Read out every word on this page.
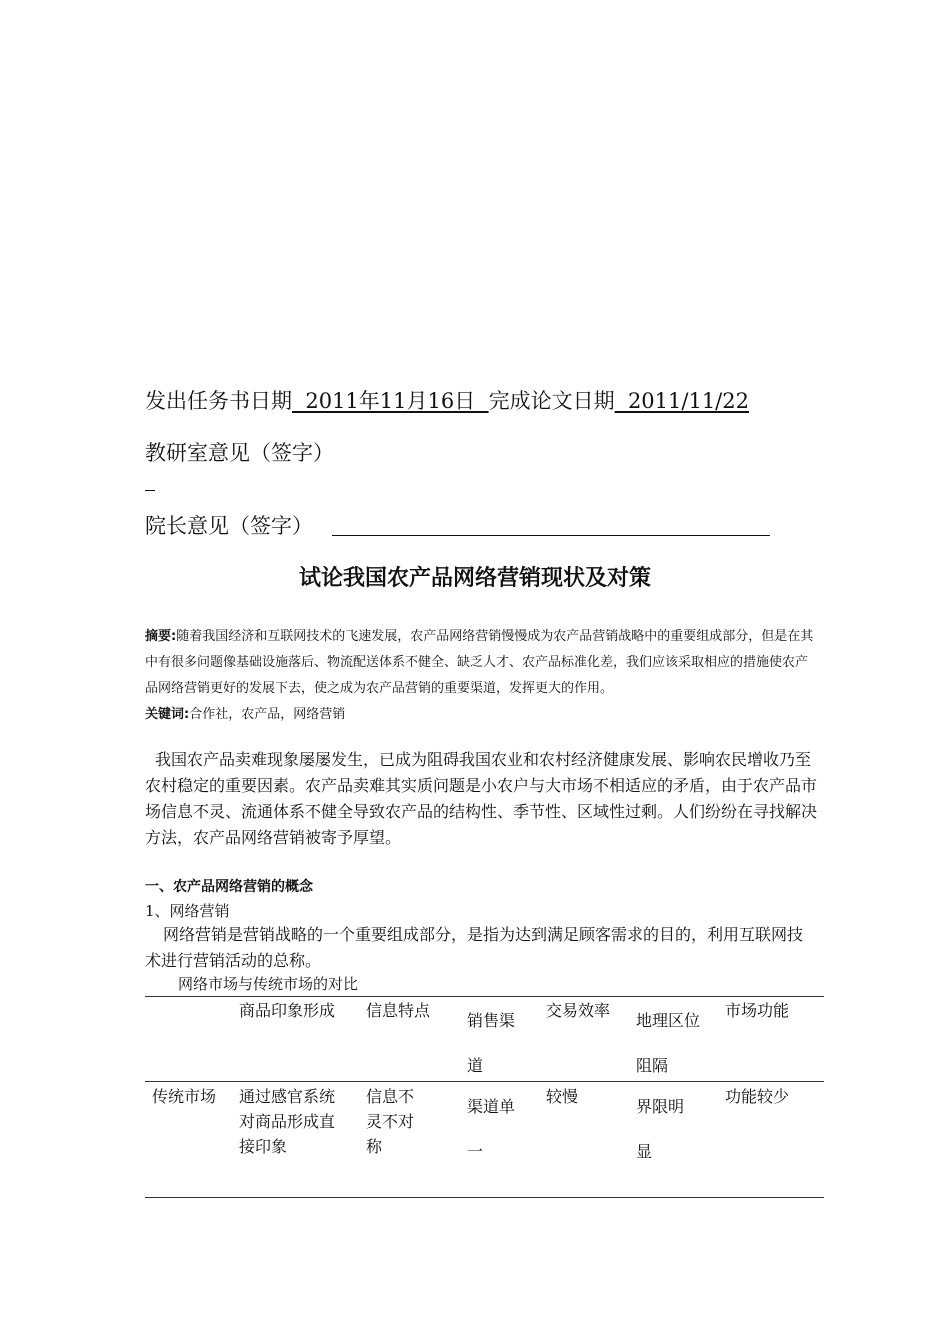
发出任务书日期  2011年11月16日  完成论文日期  2011/11/22
教研室意见（签字）
院长意见（签字）
试论我国农产品网络营销现状及对策
摘要:随着我国经济和互联网技术的飞速发展，农产品网络营销慢慢成为农产品营销战略中的重要组成部分，但是在其中有很多问题像基础设施落后、物流配送体系不健全、缺乏人才、农产品标准化差，我们应该采取相应的措施使农产品网络营销更好的发展下去，使之成为农产品营销的重要渠道，发挥更大的作用。
关键词:合作社，农产品，网络营销
我国农产品卖难现象屡屡发生，已成为阻碍我国农业和农村经济健康发展、影响农民增收乃至农村稳定的重要因素。农产品卖难其实质问题是小农户与大市场不相适应的矛盾，由于农产品市场信息不灵、流通体系不健全导致农产品的结构性、季节性、区域性过剩。人们纷纷在寻找解决方法，农产品网络营销被寄予厚望。
一、农产品网络营销的概念
1、网络营销
网络营销是营销战略的一个重要组成部分，是指为达到满足顾客需求的目的，利用互联网技术进行营销活动的总称。
网络市场与传统市场的对比
商品印象形成 信息特点
销售渠道
交易效率
地理区位阻隔
市场功能
传统市场 通过感官系统对商品形成直接印象
信息不灵不对称
渠道单一
较慢
界限明显
功能较少
